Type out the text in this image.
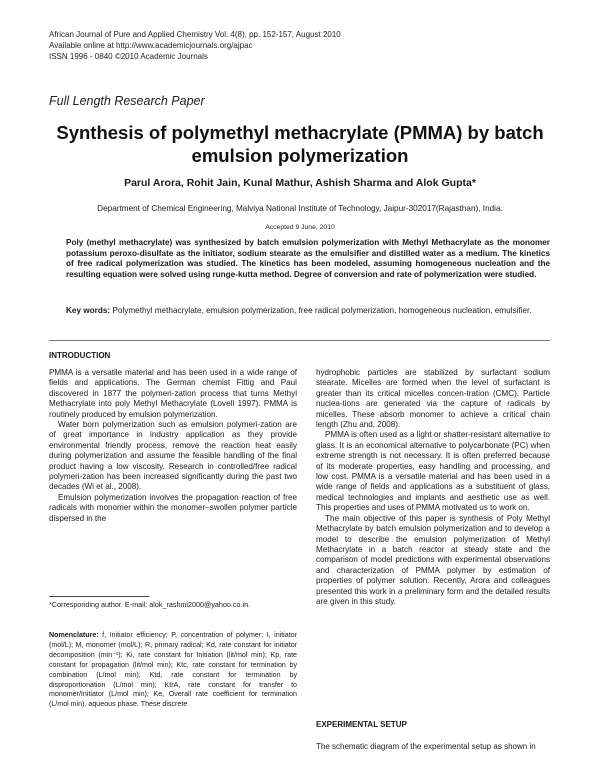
African Journal of Pure and Applied Chemistry Vol. 4(8), pp. 152-157, August 2010
Available online at http://www.academicjournals.org/ajpac
ISSN 1996 - 0840 ©2010 Academic Journals
Full Length Research Paper
Synthesis of polymethyl methacrylate (PMMA) by batch emulsion polymerization
Parul Arora, Rohit Jain, Kunal Mathur, Ashish Sharma and Alok Gupta*
Department of Chemical Engineering, Malviya National Institute of Technology, Jaipur-302017(Rajasthan), India.
Accepted 9 June, 2010
Poly (methyl methacrylate) was synthesized by batch emulsion polymerization with Methyl Methacrylate as the monomer potassium peroxo-disulfate as the initiator, sodium stearate as the emulsifier and distilled water as a medium. The kinetics of free radical polymerization was studied. The kinetics has been modeled, assuming homogeneous nucleation and the resulting equation were solved using runge-kutta method. Degree of conversion and rate of polymerization were studied.
Key words: Polymethyl methacrylate, emulsion polymerization, free radical polymerization, homogeneous nucleation, emulsifier.
INTRODUCTION

PMMA is a versatile material and has been used in a wide range of fields and applications. The German chemist Fittig and Paul discovered in 1877 the polymeri-zation process that turns Methyl Methacrylate into poly Methyl Methacrylate (Lovell 1997). PMMA is routinely produced by emulsion polymerization.

Water born polymerization such as emulsion polymeri-zation are of great importance in industry application as they provide environmental friendly process, remove the reaction heat easily during polymerization and assume the feasible handling of the final product having a low viscosity. Research in controlled/free radical polymeri-zation has been increased significantly during the past two decades (Wi et al., 2008).

Emulsion polymerization involves the propagation reaction of free radicals with monomer within the monomer–swollen polymer particle dispersed in the

*Corresponding author. E-mail: alok_rashmi2000@yahoo.co.in.
Nomenclature: f, Initiator efficiency; P, concentration of polymer; I, initiator (mol/L); M, monomer (mol/L); R, primary radical; Kd, rate constant for initiator decomposition (min⁻¹); Ki, rate constant for Initiation (lit/mol min); Kp, rate constant for propagation (lit/mol min); Ktc, rate constant for termination by combination (L/mol min); Ktd, rate constant for termination by disproportionation (L/mol min); KtrA, rate constant for transfer to monomer/Initiator (L/mol min); Ke, Overall rate coefficient for termination (L/mol min). aqueous phase. These discrete

hydrophobic particles are stabilized by surfactant sodium stearate. Micelles are formed when the level of surfactant is greater than its critical micelles concen-tration (CMC). Particle nuclea-tions are generated via the capture of radicals by micelles. These absorb monomer to achieve a critical chain length (Zhu and, 2008).

PMMA is often used as a light or shatter-resistant alternative to glass. It is an economical alternative to polycarbonate (PC) when extreme strength is not necessary. It is often preferred because of its moderate properties, easy handling and processing, and low cost. PMMA is a versatile material and has been used in a wide range of fields and applications as a substituent of glass, medical technologies and implants and aesthetic use as well. This properties and uses of PMMA motivated us to work on.

The main objective of this paper is synthesis of Poly Methyl Methacrylate by batch emulsion polymerization and to develop a model to describe the emulsion polymerization of Methyl Methacrylate in a batch reactor at steady state and the comparison of model predictions with experimental observations and characterization of PMMA polymer by estimation of properties of polymer solution. Recently, Arora and colleagues presented this work in a preliminary form and the detailed results are given in this study.

EXPERIMENTAL SETUP
The schematic diagram of the experimental setup as shown in
